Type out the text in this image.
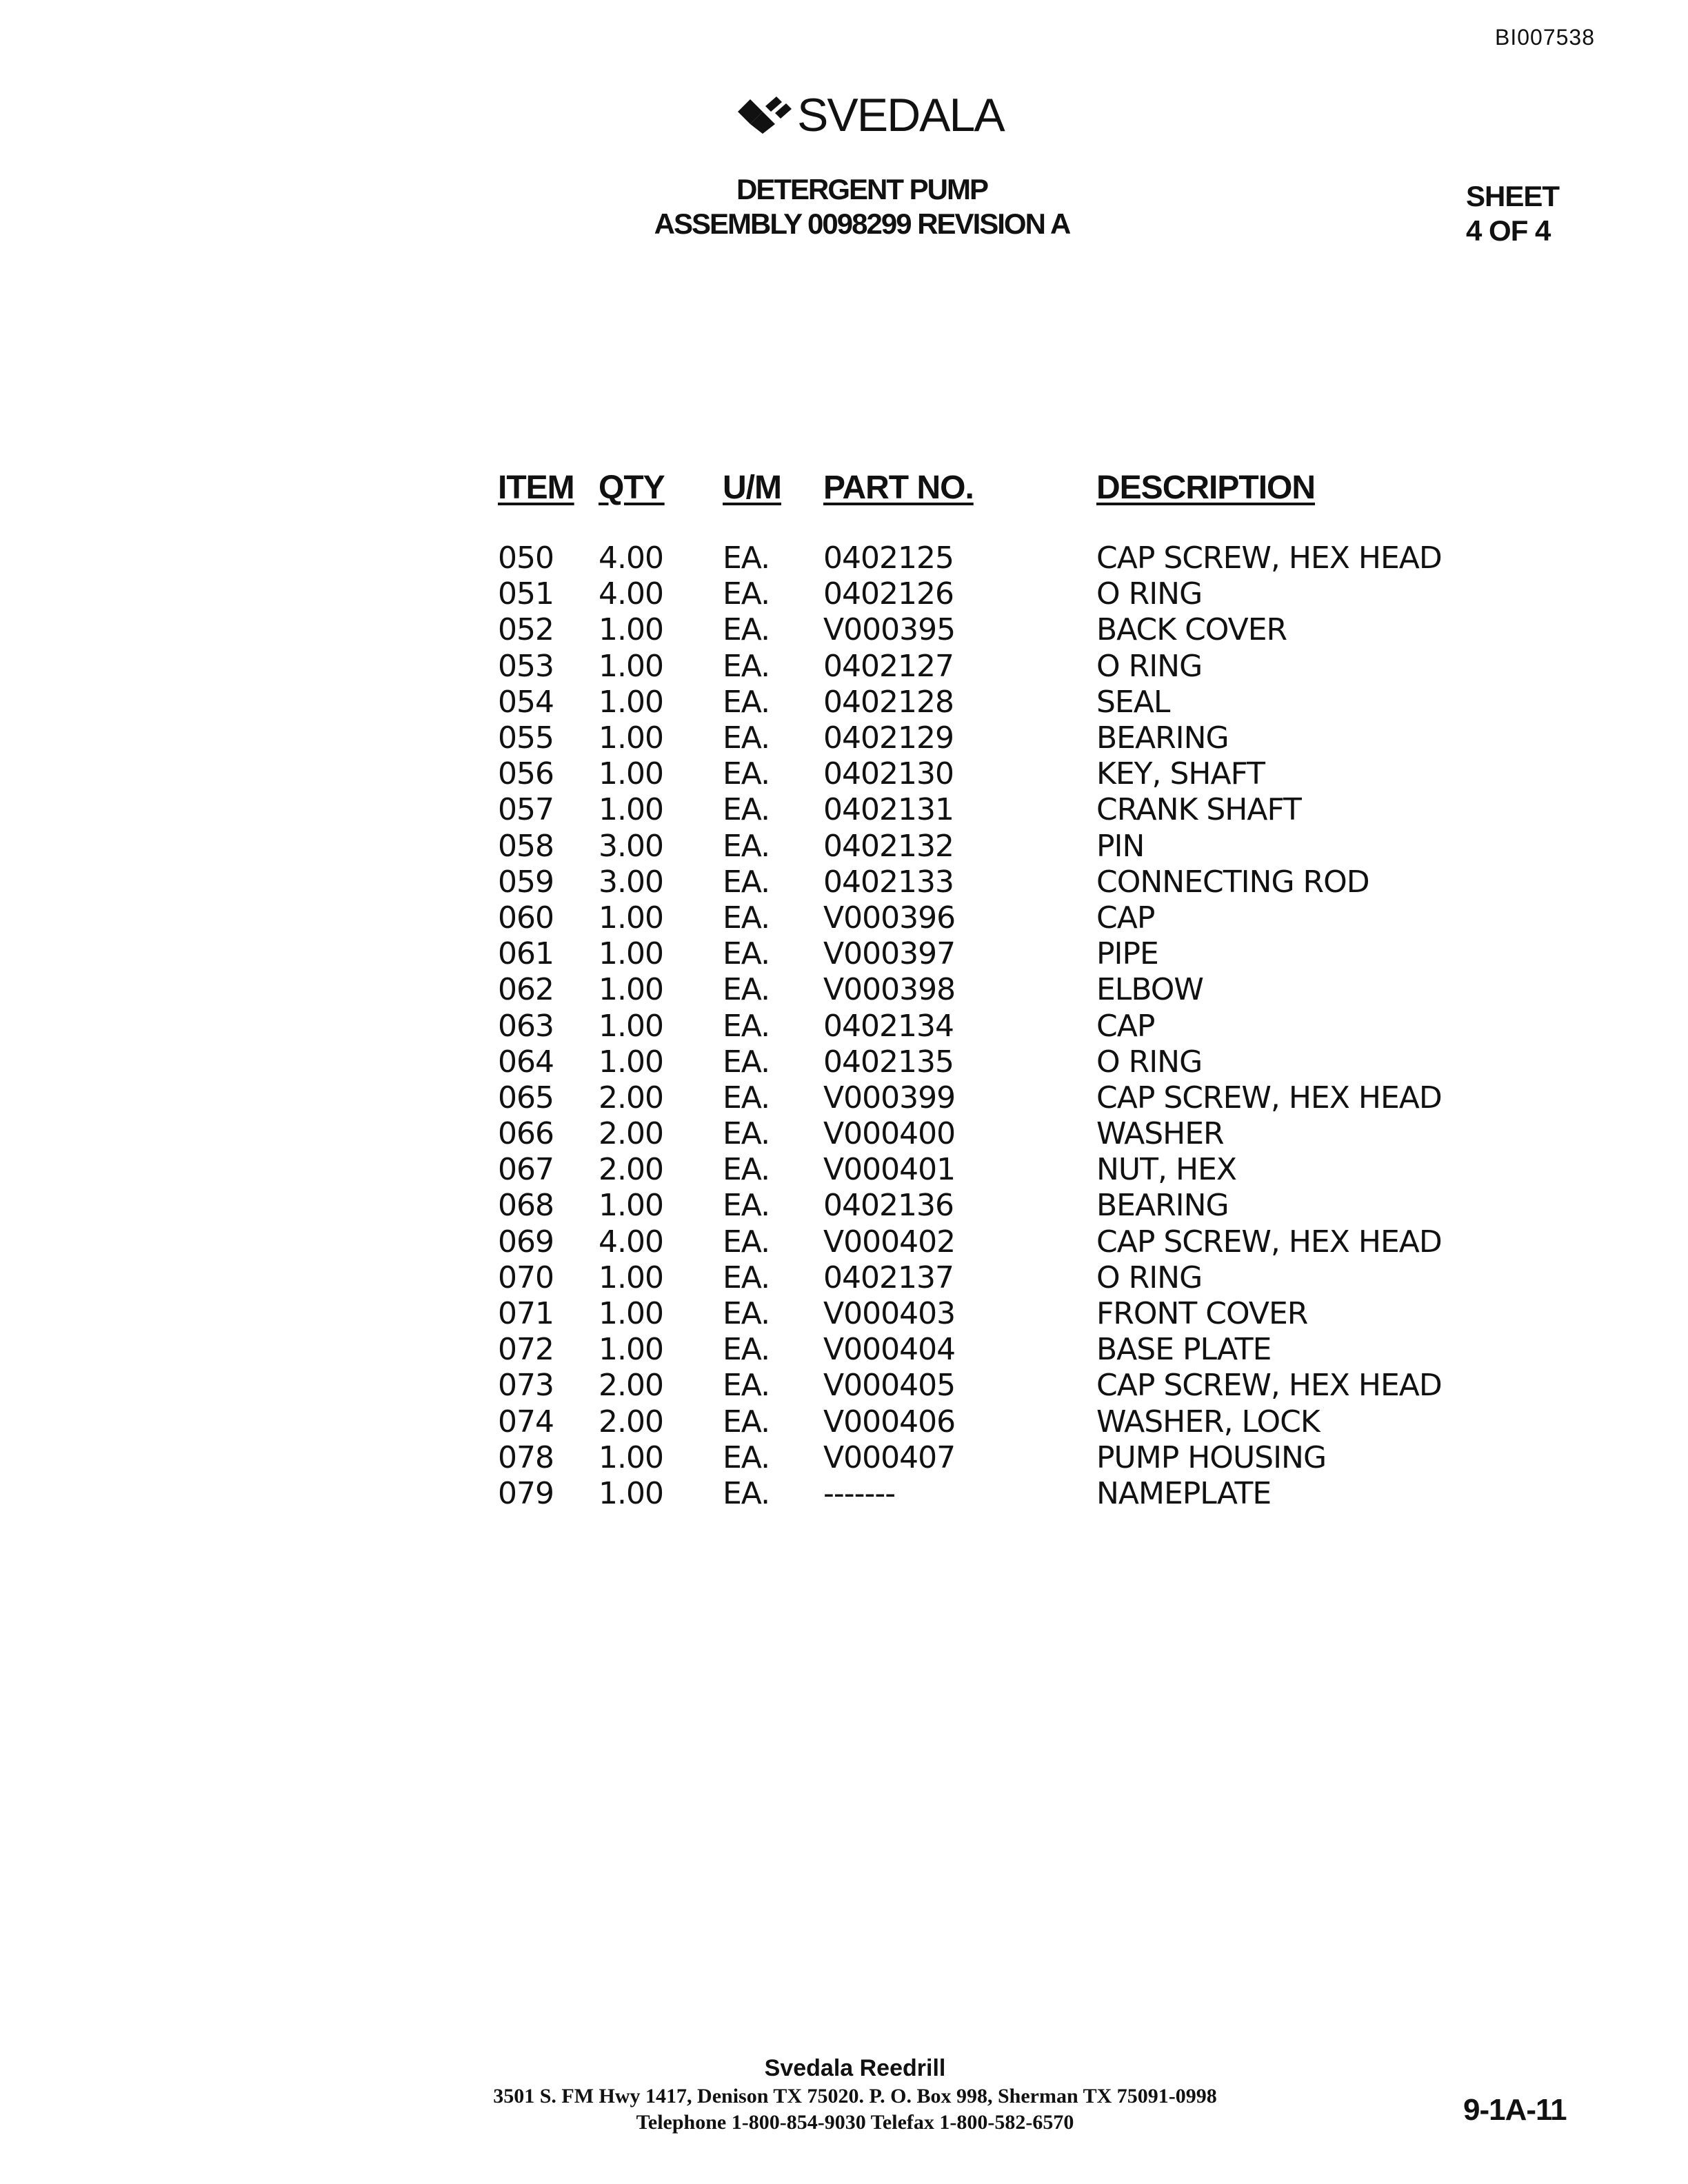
BI007538
SVEDALA
DETERGENT PUMP
ASSEMBLY 0098299 REVISION A
SHEET
4 OF 4
ITEM	QTY	U/M	PART NO.	DESCRIPTION
050	4.00	EA.	0402125	CAP SCREW, HEX HEAD
051	4.00	EA.	0402126	O RING
052	1.00	EA.	V000395	BACK COVER
053	1.00	EA.	0402127	O RING
054	1.00	EA.	0402128	SEAL
055	1.00	EA.	0402129	BEARING
056	1.00	EA.	0402130	KEY, SHAFT
057	1.00	EA.	0402131	CRANK SHAFT
058	3.00	EA.	0402132	PIN
059	3.00	EA.	0402133	CONNECTING ROD
060	1.00	EA.	V000396	CAP
061	1.00	EA.	V000397	PIPE
062	1.00	EA.	V000398	ELBOW
063	1.00	EA.	0402134	CAP
064	1.00	EA.	0402135	O RING
065	2.00	EA.	V000399	CAP SCREW, HEX HEAD
066	2.00	EA.	V000400	WASHER
067	2.00	EA.	V000401	NUT, HEX
068	1.00	EA.	0402136	BEARING
069	4.00	EA.	V000402	CAP SCREW, HEX HEAD
070	1.00	EA.	0402137	O RING
071	1.00	EA.	V000403	FRONT COVER
072	1.00	EA.	V000404	BASE PLATE
073	2.00	EA.	V000405	CAP SCREW, HEX HEAD
074	2.00	EA.	V000406	WASHER, LOCK
078	1.00	EA.	V000407	PUMP HOUSING
079	1.00	EA.	-------	NAMEPLATE
Svedala Reedrill
3501 S. FM Hwy 1417, Denison TX 75020. P. O. Box 998, Sherman TX 75091-0998
Telephone 1-800-854-9030 Telefax 1-800-582-6570	9-1A-11
